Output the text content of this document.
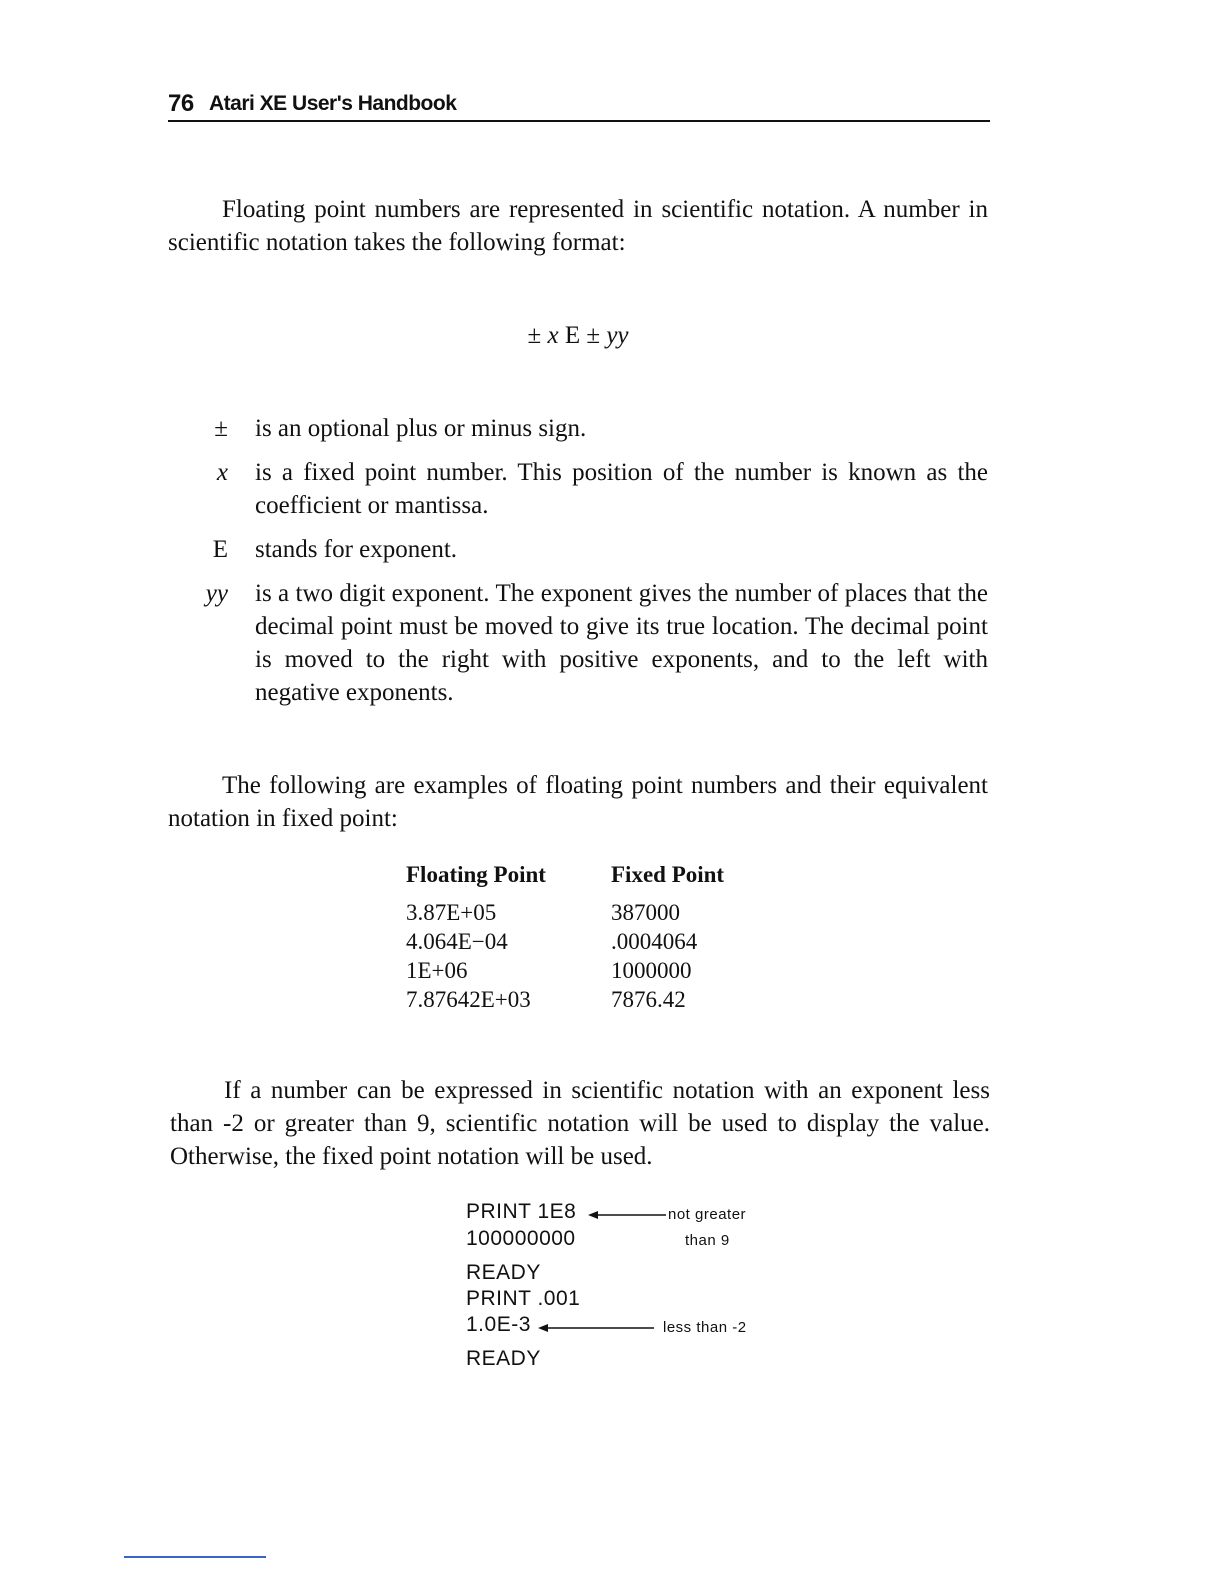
76 Atari XE User's Handbook

Floating point numbers are represented in scientific notation. A number in scientific notation takes the following format:

± x E ± yy
± is an optional plus or minus sign.
x is a fixed point number. This position of the number is known as the coefficient or mantissa.
E stands for exponent.
yy is a two digit exponent. The exponent gives the number of places that the decimal point must be moved to give its true location. The decimal point is moved to the right with positive exponents, and to the left with negative exponents.

The following are examples of floating point numbers and their equivalent notation in fixed point:

Floating Point	Fixed Point
3.87E+05	387000
4.064E−04	.0004064
1E+06	1000000
7.87642E+03	7876.42

If a number can be expressed in scientific notation with an exponent less than -2 or greater than 9, scientific notation will be used to display the value. Otherwise, the fixed point notation will be used.

PRINT 1E8
100000000
READY
PRINT .001
1.0E-3
READY
not greater
than 9
less than -2
